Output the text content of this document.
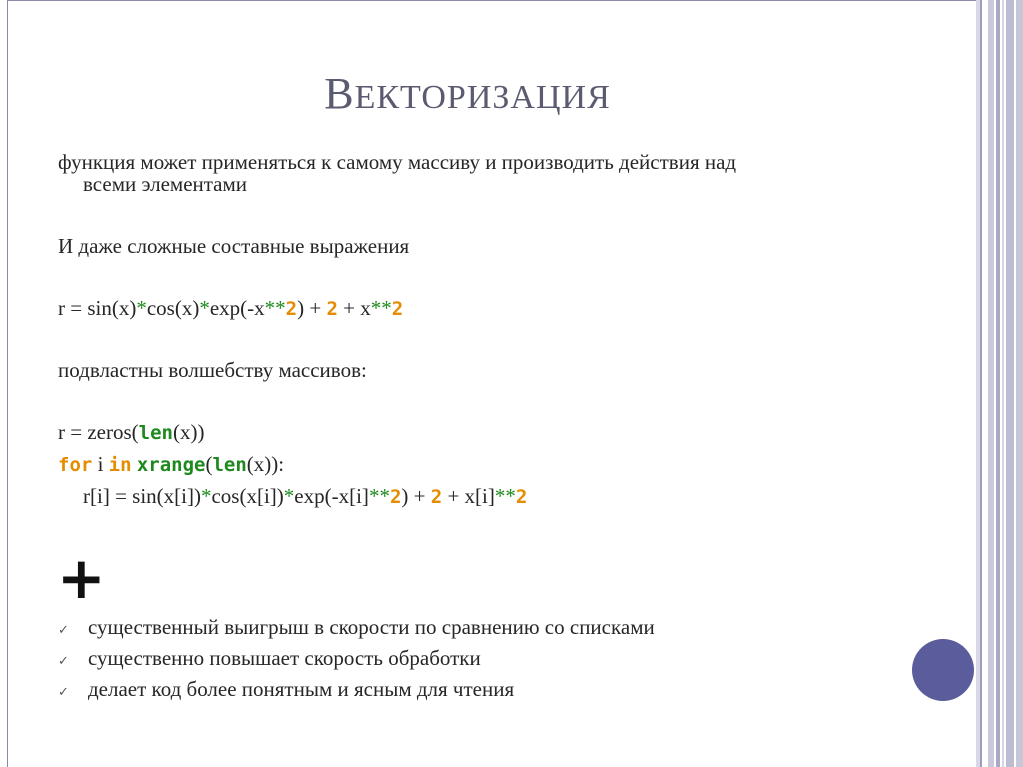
ВЕКТОРИЗАЦИЯ
функция может применяться к самому массиву и производить действия над
всеми элементами
И даже сложные составные выражения
r = sin(x)*cos(x)*exp(-x**2) + 2 + x**2
подвластны волшебству массивов:
r = zeros(len(x))
for i in xrange(len(x)):
r[i] = sin(x[i])*cos(x[i])*exp(-x[i]**2) + 2 + x[i]**2
+
✓ существенный выигрыш в скорости по сравнению со списками
✓ существенно повышает скорость обработки
✓ делает код более понятным и ясным для чтения
